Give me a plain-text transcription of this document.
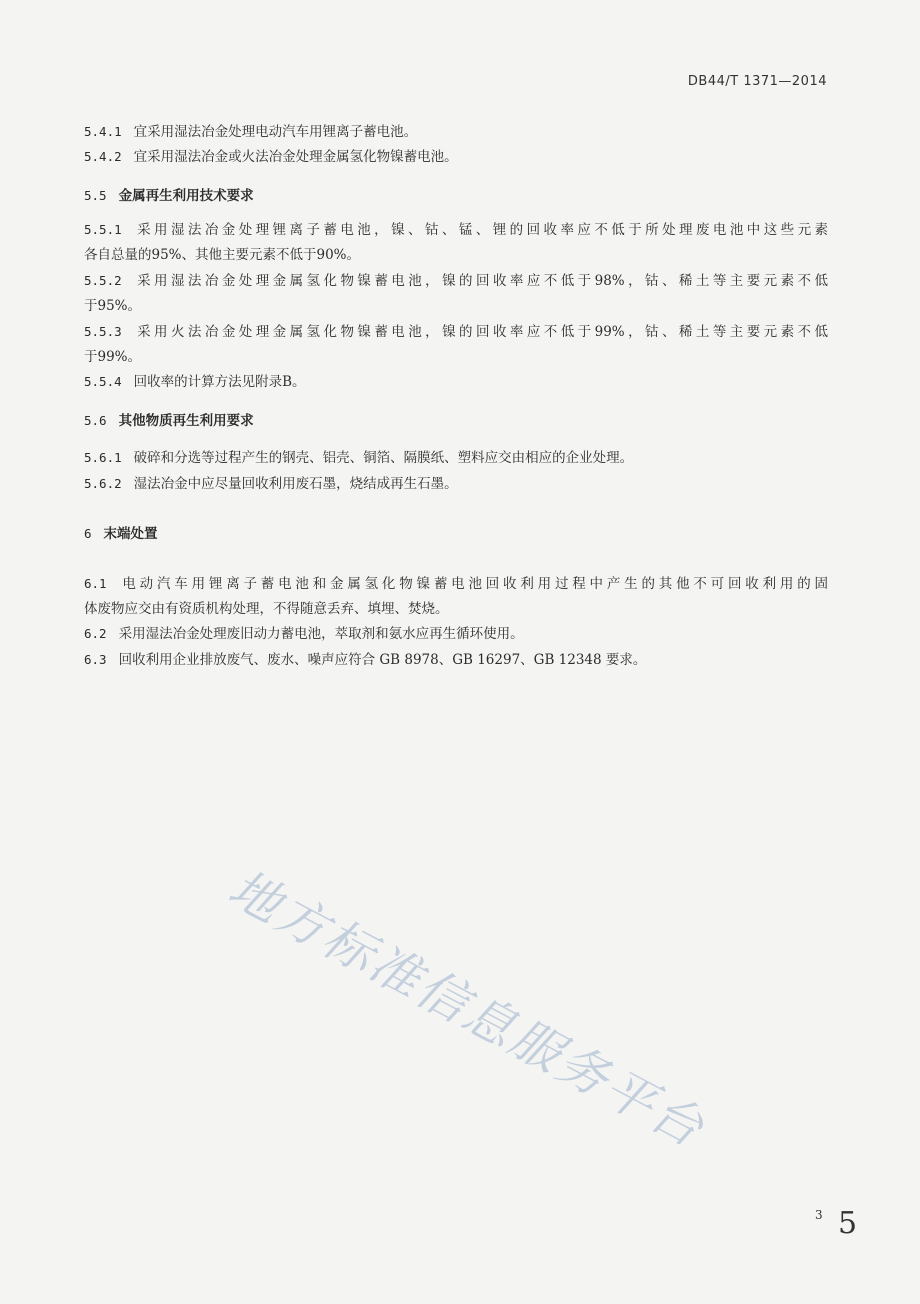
DB44/T 1371—2014
5.4.1 宜采用湿法冶金处理电动汽车用锂离子蓄电池。
5.4.2 宜采用湿法冶金或火法冶金处理金属氢化物镍蓄电池。
5.5 金属再生利用技术要求
5.5.1 采用湿法冶金处理锂离子蓄电池，镍、钴、锰、锂的回收率应不低于所处理废电池中这些元素
各自总量的95%、其他主要元素不低于90%。
5.5.2 采用湿法冶金处理金属氢化物镍蓄电池，镍的回收率应不低于98%，钴、稀土等主要元素不低
于95%。
5.5.3 采用火法冶金处理金属氢化物镍蓄电池，镍的回收率应不低于99%，钴、稀土等主要元素不低
于99%。
5.5.4 回收率的计算方法见附录B。
5.6 其他物质再生利用要求
5.6.1 破碎和分选等过程产生的钢壳、铝壳、铜箔、隔膜纸、塑料应交由相应的企业处理。
5.6.2 湿法冶金中应尽量回收利用废石墨，烧结成再生石墨。
6 末端处置
6.1 电动汽车用锂离子蓄电池和金属氢化物镍蓄电池回收利用过程中产生的其他不可回收利用的固
体废物应交由有资质机构处理，不得随意丢弃、填埋、焚烧。
6.2 采用湿法冶金处理废旧动力蓄电池，萃取剂和氨水应再生循环使用。
6.3 回收利用企业排放废气、废水、噪声应符合 GB 8978、GB 16297、GB 12348 要求。
地方标准信息服务平台
3 5
